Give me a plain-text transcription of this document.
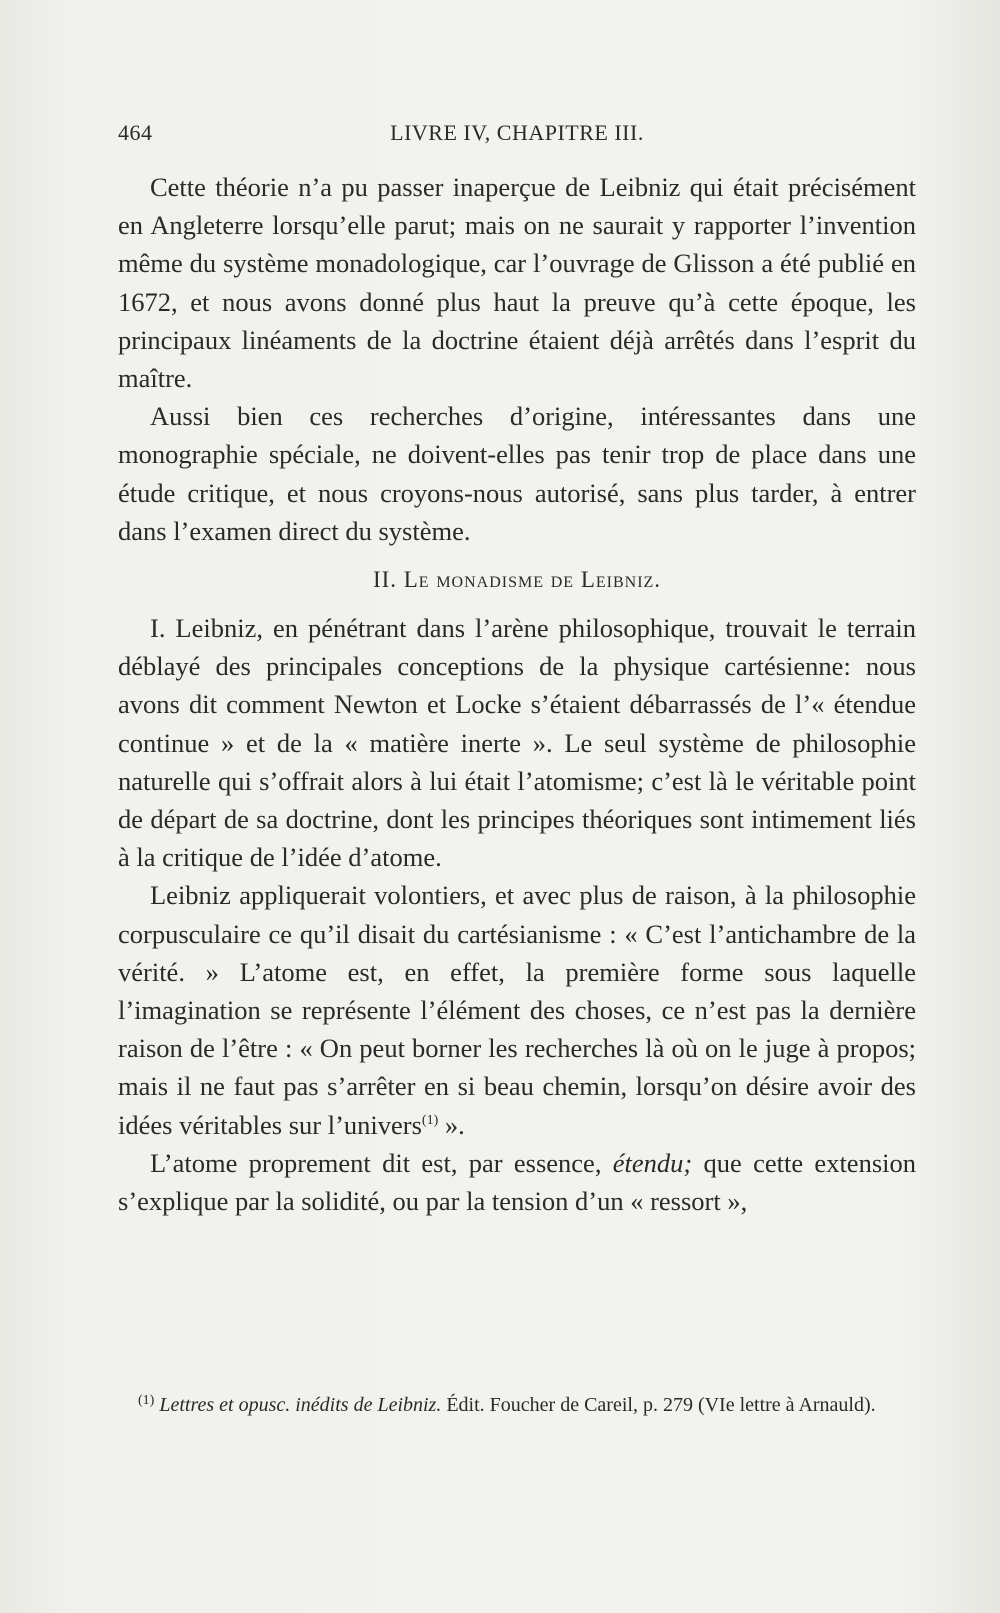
464	LIVRE IV, CHAPITRE III.

Cette théorie n’a pu passer inaperçue de Leibniz qui était précisément en Angleterre lorsqu’elle parut; mais on ne saurait y rapporter l’invention même du système monadologique, car l’ouvrage de Glisson a été publié en 1672, et nous avons donné plus haut la preuve qu’à cette époque, les principaux linéaments de la doctrine étaient déjà arrêtés dans l’esprit du maître.

Aussi bien ces recherches d’origine, intéressantes dans une monographie spéciale, ne doivent-elles pas tenir trop de place dans une étude critique, et nous croyons-nous autorisé, sans plus tarder, à entrer dans l’examen direct du système.

II. Le monadisme de Leibniz.

I. Leibniz, en pénétrant dans l’arène philosophique, trouvait le terrain déblayé des principales conceptions de la physique cartésienne: nous avons dit comment Newton et Locke s’étaient débarrassés de l’« étendue continue » et de la « matière inerte ». Le seul système de philosophie naturelle qui s’offrait alors à lui était l’atomisme; c’est là le véritable point de départ de sa doctrine, dont les principes théoriques sont intimement liés à la critique de l’idée d’atome.

Leibniz appliquerait volontiers, et avec plus de raison, à la philosophie corpusculaire ce qu’il disait du cartésianisme : « C’est l’antichambre de la vérité. » L’atome est, en effet, la première forme sous laquelle l’imagination se représente l’élément des choses, ce n’est pas la dernière raison de l’être : « On peut borner les recherches là où on le juge à propos; mais il ne faut pas s’arrêter en si beau chemin, lorsqu’on désire avoir des idées véritables sur l’univers$^{(1)}$ ».

L’atome proprement dit est, par essence, étendu; que cette extension s’explique par la solidité, ou par la tension d’un « ressort »,

$^{(1)}$ Lettres et opusc. inédits de Leibniz. Édit. Foucher de Careil, p. 279 (VIe lettre à Arnauld).
